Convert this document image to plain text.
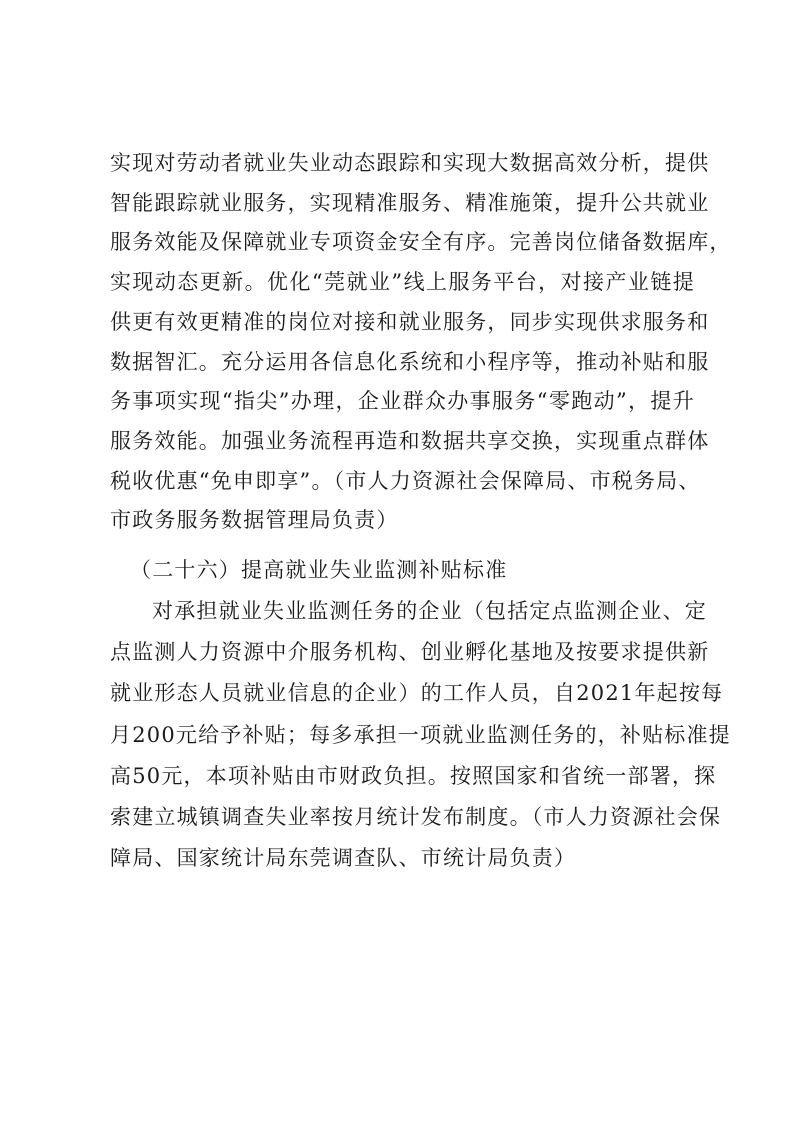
实现对劳动者就业失业动态跟踪和实现大数据高效分析，提供
智能跟踪就业服务，实现精准服务、精准施策，提升公共就业
服务效能及保障就业专项资金安全有序。完善岗位储备数据库，
实现动态更新。优化“莞就业”线上服务平台，对接产业链提
供更有效更精准的岗位对接和就业服务，同步实现供求服务和
数据智汇。充分运用各信息化系统和小程序等，推动补贴和服
务事项实现“指尖”办理，企业群众办事服务“零跑动”，提升
服务效能。加强业务流程再造和数据共享交换，实现重点群体
税收优惠“免申即享”。（市人力资源社会保障局、市税务局、
市政务服务数据管理局负责）
（二十六）提高就业失业监测补贴标准
对承担就业失业监测任务的企业（包括定点监测企业、定
点监测人力资源中介服务机构、创业孵化基地及按要求提供新
就业形态人员就业信息的企业）的工作人员，自2021年起按每
月200元给予补贴；每多承担一项就业监测任务的，补贴标准提
高50元，本项补贴由市财政负担。按照国家和省统一部署，探
索建立城镇调查失业率按月统计发布制度。（市人力资源社会保
障局、国家统计局东莞调查队、市统计局负责）
